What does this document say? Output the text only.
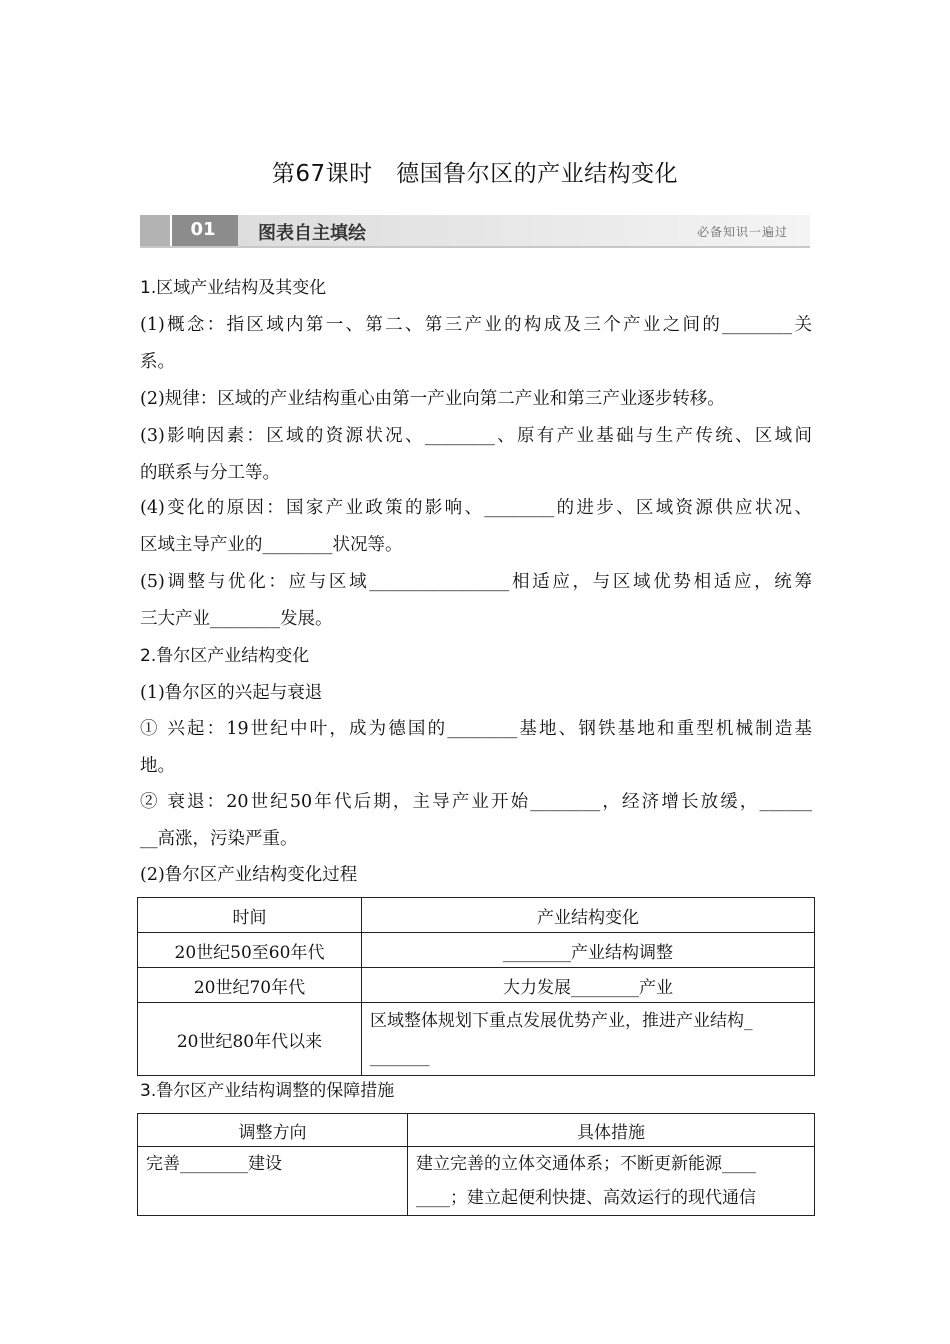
第67课时　德国鲁尔区的产业结构变化
01	图表自主填绘	必备知识一遍过
1.区域产业结构及其变化
(1)概念：指区域内第一、第二、第三产业的构成及三个产业之间的________关
系。
(2)规律：区域的产业结构重心由第一产业向第二产业和第三产业逐步转移。
(3)影响因素：区域的资源状况、________、原有产业基础与生产传统、区域间
的联系与分工等。
(4)变化的原因：国家产业政策的影响、________的进步、区域资源供应状况、
区域主导产业的________状况等。
(5)调整与优化：应与区域________________相适应，与区域优势相适应，统筹
三大产业________发展。
2.鲁尔区产业结构变化
(1)鲁尔区的兴起与衰退
① 兴起：19世纪中叶，成为德国的________基地、钢铁基地和重型机械制造基
地。
② 衰退：20世纪50年代后期，主导产业开始________，经济增长放缓，______
__高涨，污染严重。
(2)鲁尔区产业结构变化过程
时间	产业结构变化
20世纪50至60年代	________产业结构调整
20世纪70年代	大力发展________产业
20世纪80年代以来	区域整体规划下重点发展优势产业，推进产业结构_
_______
3.鲁尔区产业结构调整的保障措施
调整方向	具体措施
完善________建设	建立完善的立体交通体系；不断更新能源____
____；建立起便利快捷、高效运行的现代通信
